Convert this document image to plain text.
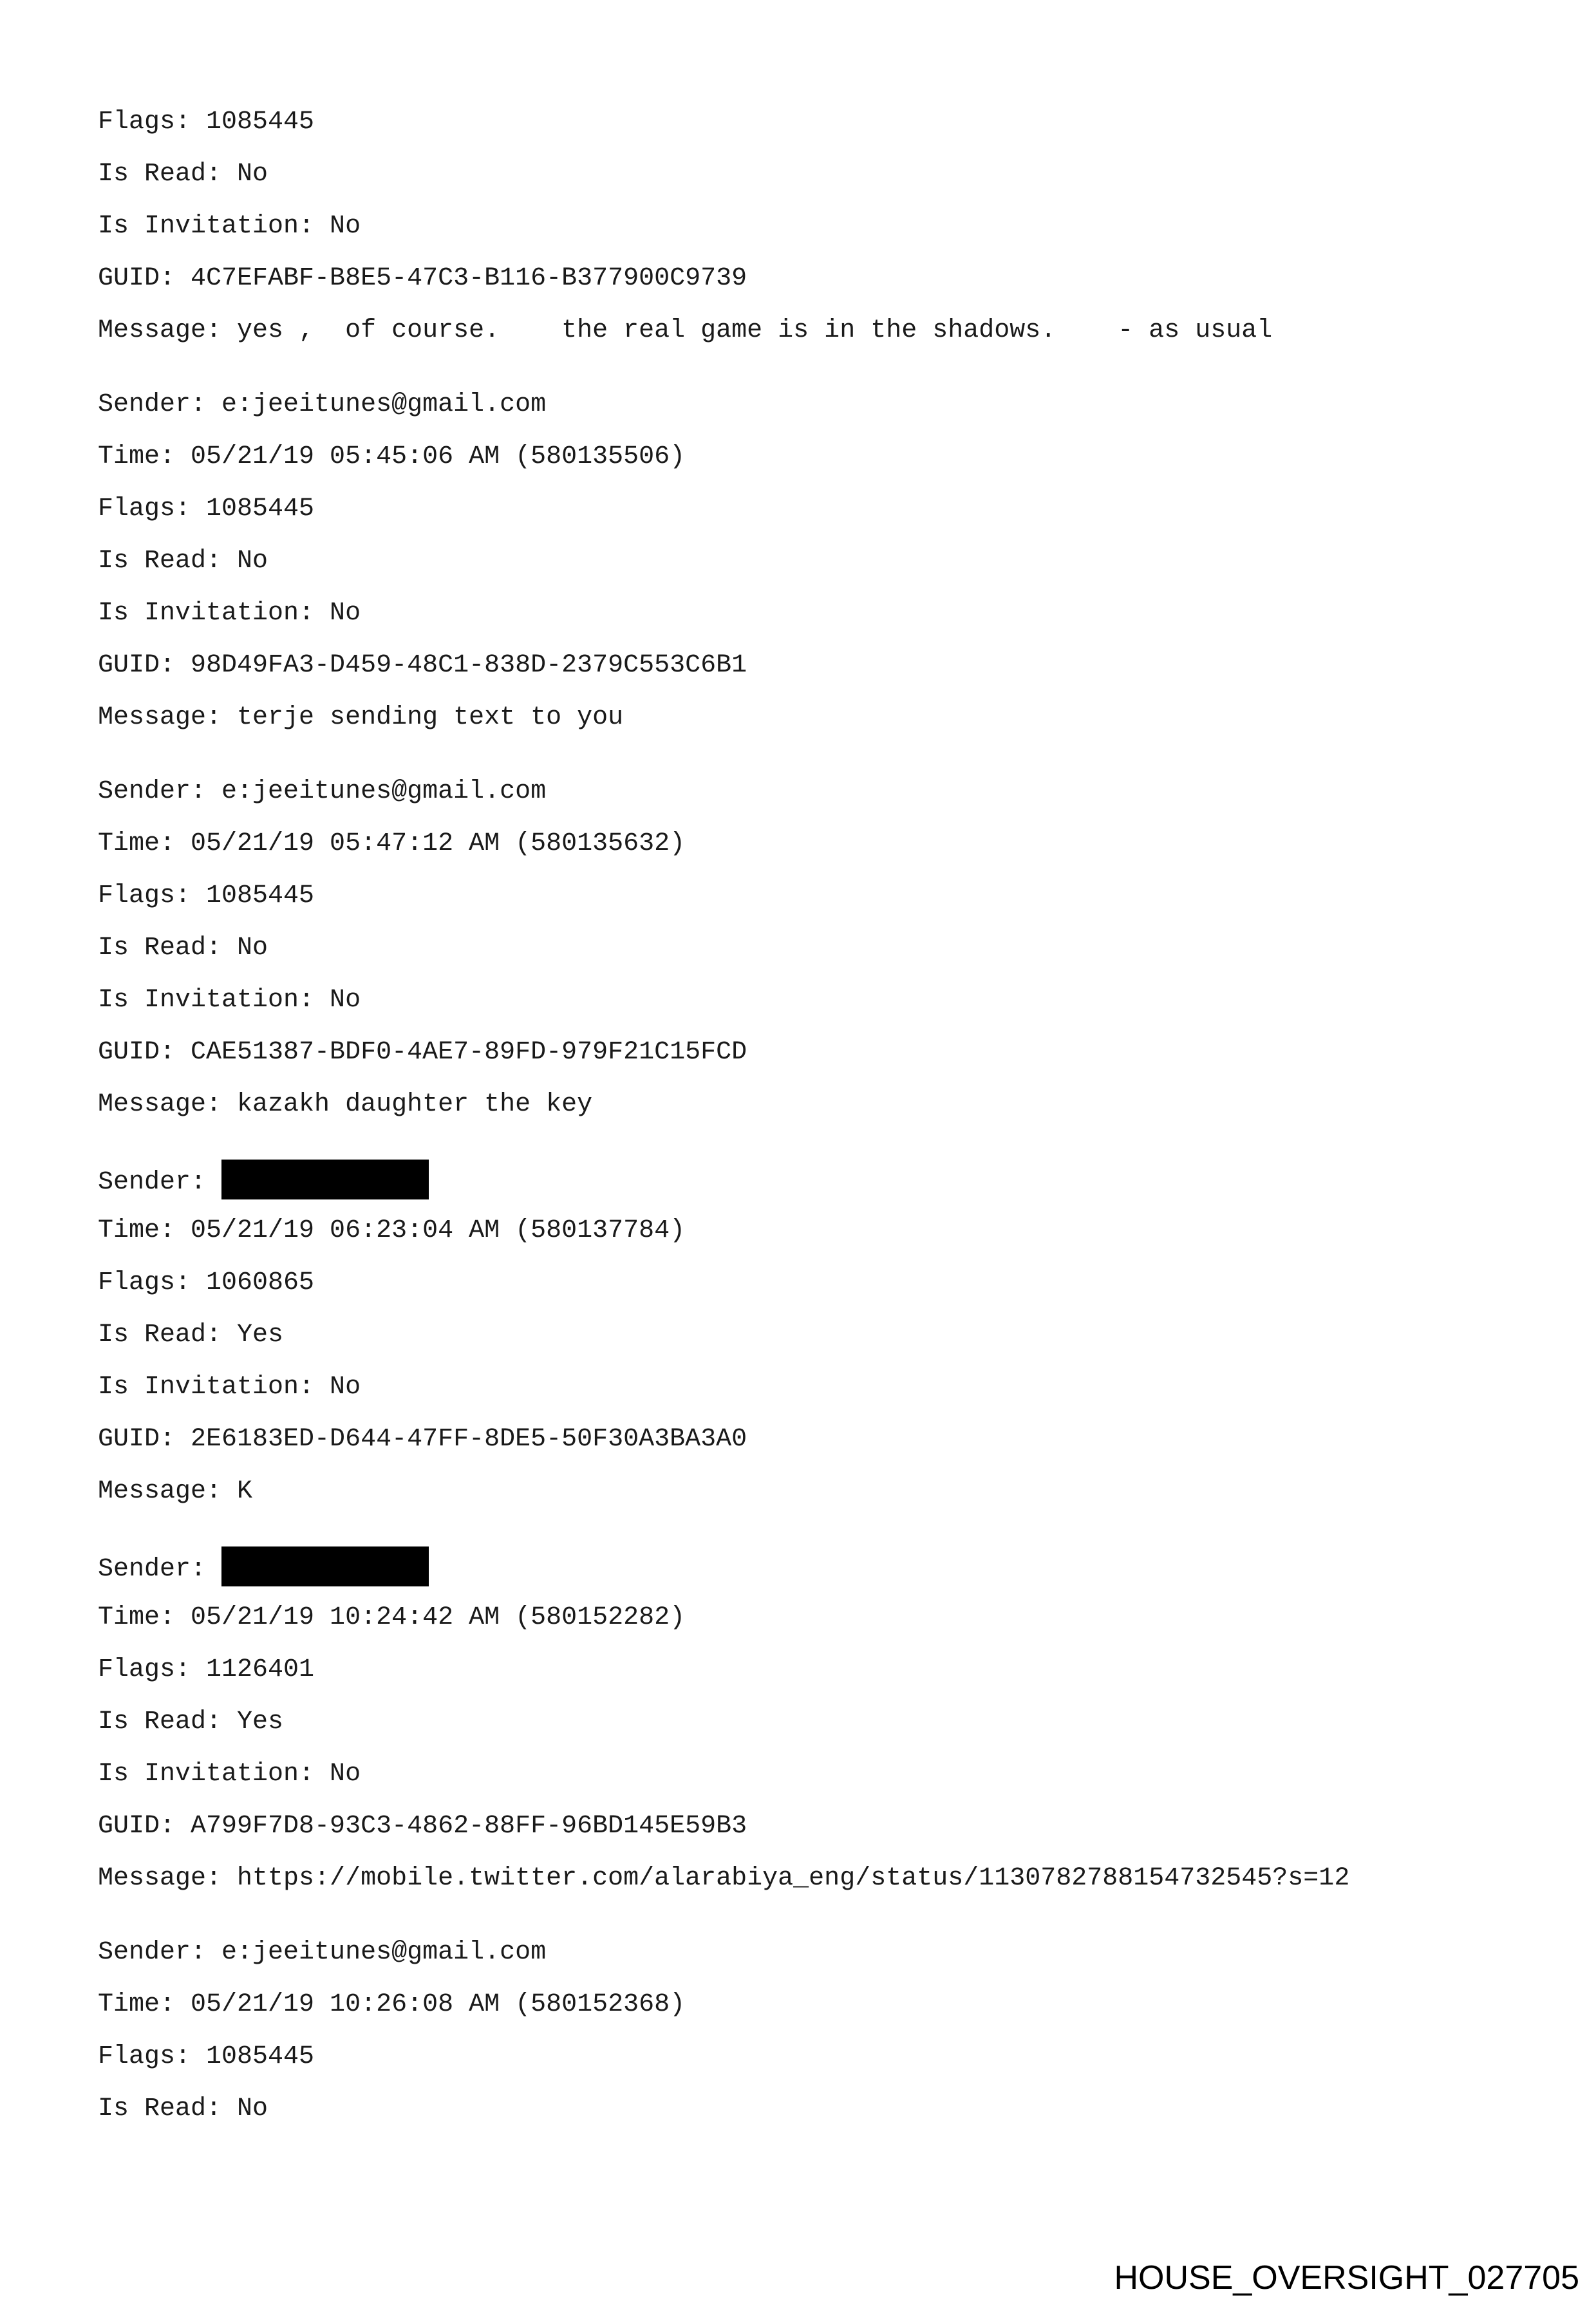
Flags: 1085445
Is Read: No
Is Invitation: No
GUID: 4C7EFABF-B8E5-47C3-B116-B377900C9739
Message: yes ,  of course.    the real game is in the shadows.    - as usual
Sender: e:jeeitunes@gmail.com
Time: 05/21/19 05:45:06 AM (580135506)
Flags: 1085445
Is Read: No
Is Invitation: No
GUID: 98D49FA3-D459-48C1-838D-2379C553C6B1
Message: terje sending text to you
Sender: e:jeeitunes@gmail.com
Time: 05/21/19 05:47:12 AM (580135632)
Flags: 1085445
Is Read: No
Is Invitation: No
GUID: CAE51387-BDF0-4AE7-89FD-979F21C15FCD
Message: kazakh daughter the key
Sender:
Time: 05/21/19 06:23:04 AM (580137784)
Flags: 1060865
Is Read: Yes
Is Invitation: No
GUID: 2E6183ED-D644-47FF-8DE5-50F30A3BA3A0
Message: K
Sender:
Time: 05/21/19 10:24:42 AM (580152282)
Flags: 1126401
Is Read: Yes
Is Invitation: No
GUID: A799F7D8-93C3-4862-88FF-96BD145E59B3
Message: https://mobile.twitter.com/alarabiya_eng/status/1130782788154732545?s=12
Sender: e:jeeitunes@gmail.com
Time: 05/21/19 10:26:08 AM (580152368)
Flags: 1085445
Is Read: No
HOUSE_OVERSIGHT_027705
